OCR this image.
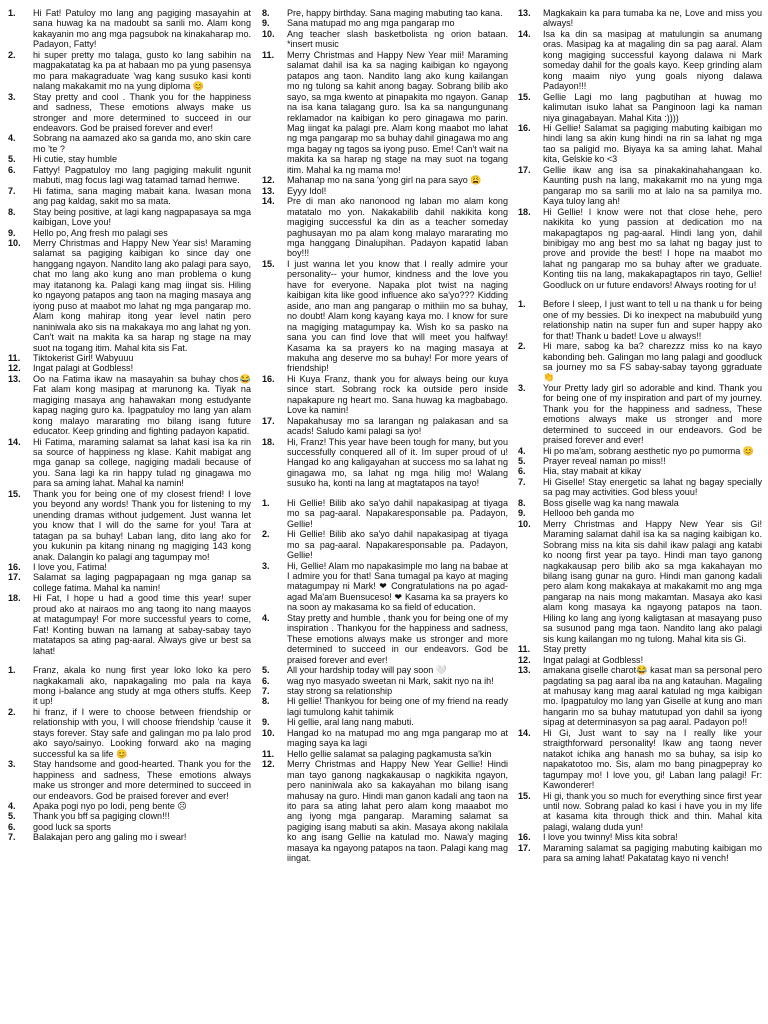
1.	Hi Fat! Patuloy mo lang ang pagiging masayahin at sana huwag ka na madoubt sa sarili mo. Alam kong kakayanin mo ang mga pagsubok na kinakaharap mo. Padayon, Fatty!
2.	hi super pretty mo talaga, gusto ko lang sabihin na magpakatatag ka pa at habaan mo pa yung pasensya mo para makagraduate 'wag kang susuko kasi konti nalang makakamit mo na yung diploma 😊
3.	Stay pretty and cool . Thank you for the happiness and sadness, These emotions always make us stronger and more determined to succeed in our endeavors. God be praised forever and ever!
4.	Sobrang na aamazed ako sa ganda mo, ano skin care mo 'te ?
5.	Hi cutie, stay humble
6.	Fattyy! Pagpatuloy mo lang pagiging makulit ngunit mabuti, mag focus lagi wag tatamad tamad hemwe.
7.	Hi fatima, sana maging mabait kana. Iwasan mona ang pag kaldag, sakit mo sa mata.
8.	Stay being positive, at lagi kang nagpapasaya sa mga kaibigan, Love you!
9.	Hello po, Ang fresh mo palagi ses
10.	Merry Christmas and Happy New Year sis! Maraming salamat sa pagiging kaibigan ko since day one hanggang ngayon. Nandito lang ako palagi para sayo, chat mo lang ako kung ano man problema o kung may itatanong ka. Palagi kang mag iingat sis. Hiling ko ngayong patapos ang taon na maging masaya ang iyong puso at maabot mo lahat ng mga pangarap mo. Alam kong mahirap itong year level natin pero naniniwala ako sis na makakaya mo ang lahat ng yon. Can't wait na makita ka sa harap ng stage na may suot na togang itim. Mahal kita sis Fat.
11.	Tiktokerist Girl! Wabyuuu
12.	Ingat palagi at Godbless!
13.	Oo na Fatima ikaw na masayahin sa buhay chos😂 Fat alam kong masipag at marunong ka. Tiyak na magiging masaya ang hahawakan mong estudyante kapag naging guro ka. Ipagpatuloy mo lang yan alam kong malayo mararating mo bilang isang future educator. Keep grinding and fighting padayon kapatid.
14.	Hi Fatima, maraming salamat sa lahat kasi isa ka rin sa source of happiness ng klase. Kahit mabigat ang mga ganap sa college, nagiging madali because of you. Sana lagi ka rin happy tulad ng ginagawa mo para sa aming lahat. Mahal ka namin!
15.	Thank you for being one of my closest friend! I love you beyond any words! Thank you for listening to my unending dramas without judgement. Just wanna let you know that I will do the same for you! Tara at tatagan pa sa buhay! Laban lang, dito lang ako for you kukunin pa kitang ninang ng magiging 143 kong anak. Dalangin ko palagi ang tagumpay mo!
16.	I love you, Fatima!
17.	Salamat sa laging pagpapagaan ng mga ganap sa college fatima. Mahal ka namin!
18.	Hi Fat, I hope u had a good time this year! super proud ako at nairaos mo ang taong ito nang maayos at matagumpay! For more successful years to come, Fat! Konting buwan na lamang at sabay-sabay tayo matatapos sa ating pag-aaral. Always give ur best sa lahat!
1.	Franz, akala ko nung first year loko loko ka pero nagkakamali ako, napakagaling mo pala na kaya mong i-balance ang study at mga others stuffs. Keep it up!
2.	hi franz, if I were to choose between friendship or relationship with you, I will choose friendship 'cause it stays forever. Stay safe and galingan mo pa lalo prod ako sayo/sainyo. Looking forward ako na maging successful ka sa life 😊
3.	Stay handsome and good-hearted. Thank you for the happiness and sadness, These emotions always make us stronger and more determined to succeed in our endeavors. God be praised forever and ever!
4.	Apaka pogi nyo po lodi, peng bente ☹
5.	Thank you bff sa pagiging clown!!!
6.	good luck sa sports
7.	Balakajan pero ang galing mo i swear!
8.	Pre, happy birthday. Sana maging mabuting tao kana.
9.	Sana matupad mo ang mga pangarap mo
10.	Ang teacher slash basketbolista ng orion bataan. *insert music
11.	Merry Christmas and Happy New Year mii! Maraming salamat dahil isa ka sa naging kaibigan ko ngayong patapos ang taon. Nandito lang ako kung kailangan mo ng tulong sa kahit anong bagay. Sobrang bilib ako sayo, sa mga kwento at pinapakita mo ngayon. Ganap na isa kana talagang guro. Isa ka sa nangungunang reklamador na kaibigan ko pero ginagawa mo parin. Mag iingat ka palagi pre. Alam kong maabot mo lahat ng mga pangarap mo sa buhay dahil ginagawa mo ang mga bagay ng tagos sa iyong puso. Eme! Can't wait na makita ka sa harap ng stage na may suot na togang itim. Mahal ka ng mama mo!
12.	Mahanap mo na sana 'yong girl na para sayo 😩
13.	Eyyy Idol!
14.	Pre di man ako nanonood ng laban mo alam kong matatalo mo yon. Nakakabilib dahil nakikita kong magiging successful ka din as a teacher someday paghusayan mo pa alam kong malayo mararating mo mga hanggang Dinalupihan. Padayon kapatid laban boy!!!
15.	I just wanna let you know that I really admire your personality-- your humor, kindness and the love you have for everyone. Napaka plot twist na naging kaibigan kita like good influence ako sa'yo??? Kidding aside, ano man ang pangarap o mithiin mo sa buhay, no doubt! Alam kong kayang kaya mo. I know for sure na magiging matagumpay ka. Wish ko sa pasko na sana you can find love that will meet you halfway! Kasama ka sa prayers ko na maging masaya at makuha ang deserve mo sa buhay! For more years of friendship!
16.	Hi Kuya Franz, thank you for always being our kuya since start. Sobrang rock ka outside pero inside napakapure ng heart mo. Sana huwag ka magbabago. Love ka namin!
17.	Napakahusay mo sa larangan ng palakasan and sa acads! Saludo kami palagi sa iyo!
18.	Hi, Franz! This year have been tough for many, but you successfully conquered all of it. Im super proud of u! Hangad ko ang kaligayahan at success mo sa lahat ng ginagawa mo, sa lahat ng mga hilig mo! Walang susuko ha, konti na lang at magtatapos na tayo!
1.	Hi Gellie! Bilib ako sa'yo dahil napakasipag at tiyaga mo sa pag-aaral. Napakaresponsable pa. Padayon, Gellie!
2.	Hi Gellie! Bilib ako sa'yo dahil napakasipag at tiyaga mo sa pag-aaral. Napakaresponsable pa. Padayon, Gellie!
3.	Hi, Gellie! Alam mo napakasimple mo lang na babae at I admire you for that! Sana tumagal pa kayo at maging matagumpay ni Mark! ❤ Congratulations na po agad-agad Ma'am Buensuceso! ❤ Kasama ka sa prayers ko na soon ay makasama ko sa field of education.
4.	Stay pretty and humble , thank you for being one of my inspiration . Thankyou for the happiness and sadness, These emotions always make us stronger and more determined to succeed in our endeavors. God be praised forever and ever!
5.	All your hardship today will pay soon 🤍
6.	wag nyo masyado sweetan ni Mark, sakit nyo na ih!
7.	stay strong sa relationship
8.	Hi gellie! Thankyou for being one of my friend na ready lagi tumulong kahit tahimik
9.	Hi gellie, aral lang nang mabuti.
10.	Hangad ko na matupad mo ang mga pangarap mo at maging saya ka lagi
11.	Hello gellie salamat sa palaging pagkamusta sa'kin
12.	Merry Christmas and Happy New Year Gellie! Hindi man tayo ganong nagkakausap o nagkikita ngayon, pero naniniwala ako sa kakayahan mo bilang isang mahusay na guro. Hindi man ganon kadali ang taon na ito para sa ating lahat pero alam kong maaabot mo ang iyong mga pangarap. Maraming salamat sa pagiging isang mabuti sa akin. Masaya akong nakilala ko ang isang Gellie na katulad mo. Nawa'y maging masaya ka ngayong patapos na taon. Palagi kang mag iingat.
13.	Magkakain ka para tumaba ka ne, Love and miss you always!
14.	Isa ka din sa masipag at matulungin sa anumang oras. Masipag ka at magaling din sa pag aaral. Alam kong magiging successful kayong dalawa ni Mark someday dahil for the goals kayo. Keep grinding alam kong maaim niyo yung goals niyong dalawa Padayon!!!
15.	Gellie Lagi mo lang pagbutihan at huwag mo kalimutan isuko lahat sa Panginoon lagi ka naman niya ginagabayan. Mahal Kita :))))
16.	Hi Gellie! Salamat sa pagiging mabuting kaibigan mo hindi lang sa akin kung hindi na rin sa lahat ng mga tao sa paligid mo. Biyaya ka sa aming lahat. Mahal kita, Gelskie ko <3
17.	Gellie ikaw ang isa sa pinakakinahahangaan ko. Kaunting push na lang, makakamit mo na yung mga pangarap mo sa sarili mo at lalo na sa pamilya mo. Kaya tuloy lang ah!
18.	Hi Gellie! I know were not that close hehe, pero nakikita ko yung passion at dedication mo na makapagtapos ng pag-aaral. Hindi lang yon, dahil binibigay mo ang best mo sa lahat ng bagay just to prove and provide the best! I hope na maabot mo lahat ng pangarap mo sa buhay after we graduate. Konting tiis na lang, makakapagtapos rin tayo, Gellie! Goodluck on ur future endavors! Always rooting for u!
1.	Before I sleep, I just want to tell u na thank u for being one of my bessies. Di ko inexpect na mabubuild yung relationship natin na super fun and super happy ako for that! Thank u badet! Love u always!!
2.	Hi mare, sabog ka ba? charezzz miss ko na kayo kabonding beh. Galingan mo lang palagi and goodluck sa journey mo sa FS sabay-sabay tayong ggraduate 👏
3.	Your Pretty lady girl so adorable and kind. Thank you for being one of my inspiration and part of my journey. Thank you for the happiness and sadness, These emotions always make us stronger and more determined to succeed in our endeavors. God be praised forever and ever!
4.	Hi po ma'am, sobrang aesthetic nyo po pumorma 😊
5.	Prayer reveal naman po miss!!
6.	Hia, stay mabait at kikay
7.	Hi Giselle! Stay energetic sa lahat ng bagay specially sa pag may activities. God bless youu!
8.	Boss giselle wag ka nang mawala
9.	Hellooo beh ganda mo
10.	Merry Christmas and Happy New Year sis Gi! Maraming salamat dahil isa ka sa naging kaibigan ko. Sobrang miss na kita sis dahil ikaw palagi ang katabi ko noong first year pa tayo. Hindi man tayo ganong nagkakausap pero bilib ako sa mga kakahayan mo bilang isang gunar na guro. Hindi man ganong kadali pero alam kong makakaya at makakamit mo ang mga pangarap na nais mong makamtan. Masaya ako kasi alam kong masaya ka ngayong patapos na taon. Hiling ko lang ang iyong kaligtasan at masayang puso sa susunod pang mga taon. Nandito lang ako palagi sis kung kailangan mo ng tulong. Mahal kita sis Gi.
11.	Stay pretty
12.	Ingat palagi at Godbless!
13.	amakana giselle charot😂 kasat man sa personal pero pagdating sa pag aaral iba na ang katauhan. Magaling at mahusay kang mag aaral katulad ng mga kaibigan mo. Ipagpatuloy mo lang yan Giselle at kung ano man hangarin mo sa buhay matutupad yon dahil sa iyong sipag at determinasyon sa pag aaral. Padayon po!!
14.	Hi Gi, Just want to say na I really like your straigthforward personality! Ikaw ang taong never natakot ichika ang hanash mo sa buhay, sa isip ko napakatotoo mo. Sis, alam mo bang pinagpepray ko tagumpay mo! I love you, gi! Laban lang palagi! Fr: Kawonderer!
15.	Hi gi, thank you so much for everything since first year until now. Sobrang palad ko kasi i have you in my life at kasama kita through thick and thin. Mahal kita palagi, walang duda yun!
16.	I love you twinny! Miss kita sobra!
17.	Maraming salamat sa pagiging mabuting kaibigan mo para sa aming lahat! Pakatatag kayo ni vench!
